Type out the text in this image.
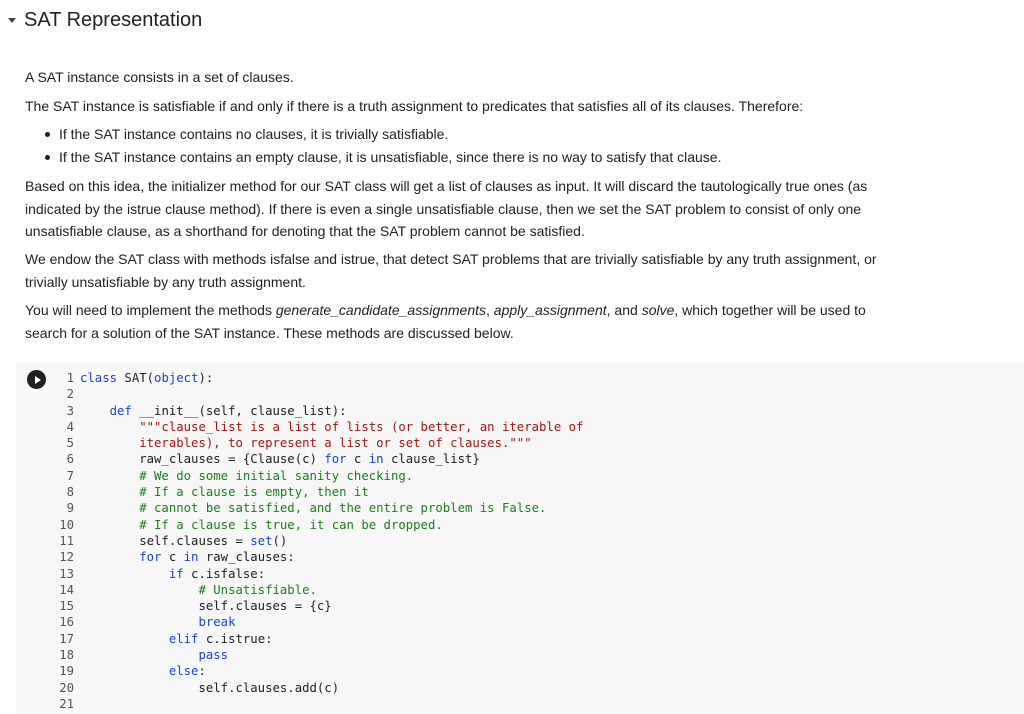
SAT Representation
A SAT instance consists in a set of clauses.
The SAT instance is satisfiable if and only if there is a truth assignment to predicates that satisfies all of its clauses. Therefore:
If the SAT instance contains no clauses, it is trivially satisfiable.
If the SAT instance contains an empty clause, it is unsatisfiable, since there is no way to satisfy that clause.
Based on this idea, the initializer method for our SAT class will get a list of clauses as input. It will discard the tautologically true ones (as
indicated by the istrue clause method). If there is even a single unsatisfiable clause, then we set the SAT problem to consist of only one
unsatisfiable clause, as a shorthand for denoting that the SAT problem cannot be satisfied.
We endow the SAT class with methods isfalse and istrue, that detect SAT problems that are trivially satisfiable by any truth assignment, or
trivially unsatisfiable by any truth assignment.
You will need to implement the methods generate_candidate_assignments, apply_assignment, and solve, which together will be used to
search for a solution of the SAT instance. These methods are discussed below.
1 class SAT(object):
2
3 def __init__(self, clause_list):
4 """clause_list is a list of lists (or better, an iterable of
5 iterables), to represent a list or set of clauses."""
6 raw_clauses = {Clause(c) for c in clause_list}
7 # We do some initial sanity checking.
8 # If a clause is empty, then it
9 # cannot be satisfied, and the entire problem is False.
10 # If a clause is true, it can be dropped.
11 self.clauses = set()
12 for c in raw_clauses:
13 if c.isfalse:
14 # Unsatisfiable.
15 self.clauses = {c}
16 break
17 elif c.istrue:
18 pass
19 else:
20 self.clauses.add(c)
21
